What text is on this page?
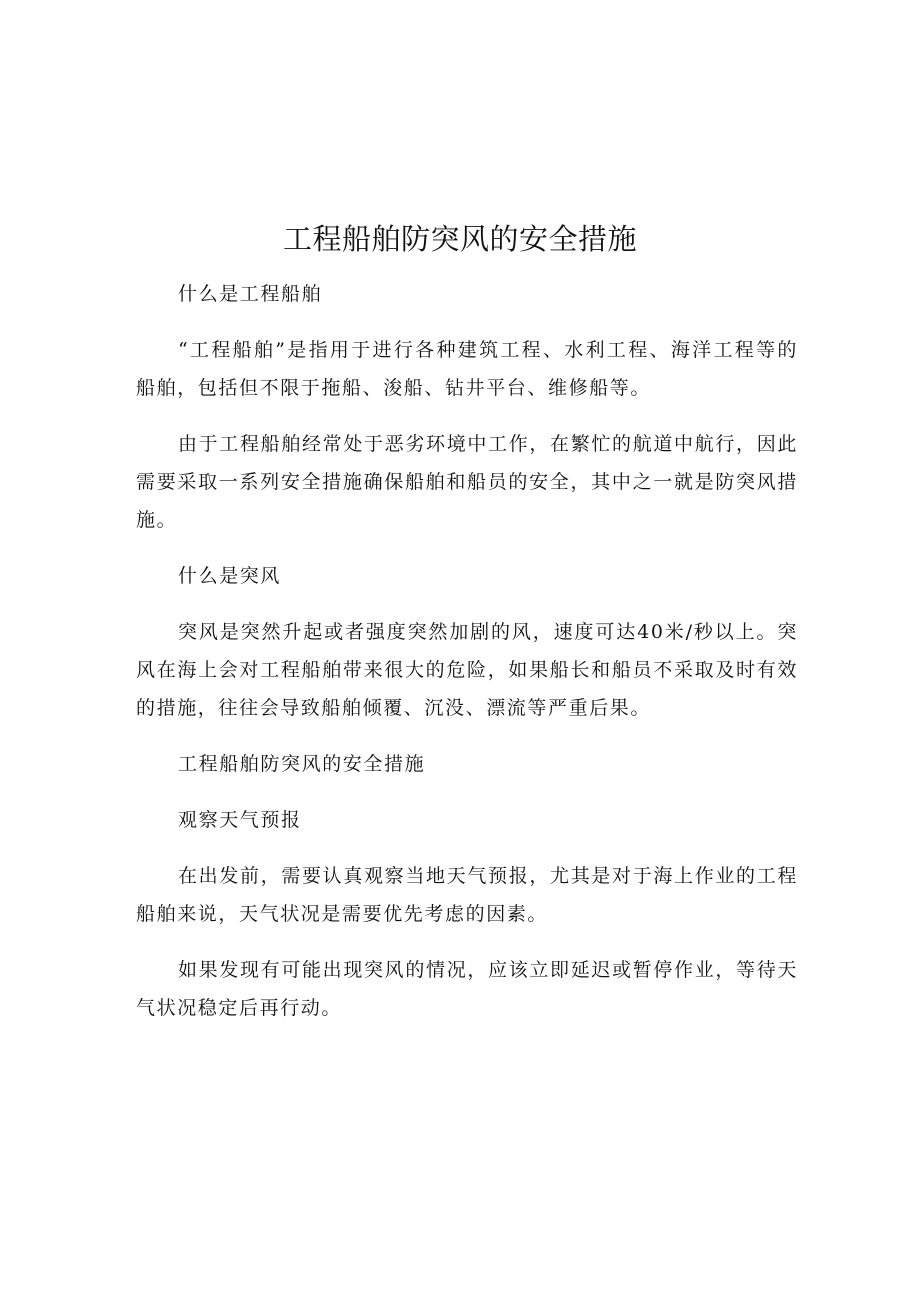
工程船舶防突风的安全措施

什么是工程船舶

“工程船舶”是指用于进行各种建筑工程、水利工程、海洋工程等的船舶，包括但不限于拖船、浚船、钻井平台、维修船等。

由于工程船舶经常处于恶劣环境中工作，在繁忙的航道中航行，因此需要采取一系列安全措施确保船舶和船员的安全，其中之一就是防突风措施。

什么是突风

突风是突然升起或者强度突然加剧的风，速度可达40米/秒以上。突风在海上会对工程船舶带来很大的危险，如果船长和船员不采取及时有效的措施，往往会导致船舶倾覆、沉没、漂流等严重后果。

工程船舶防突风的安全措施

观察天气预报

在出发前，需要认真观察当地天气预报，尤其是对于海上作业的工程船舶来说，天气状况是需要优先考虑的因素。

如果发现有可能出现突风的情况，应该立即延迟或暂停作业，等待天气状况稳定后再行动。
